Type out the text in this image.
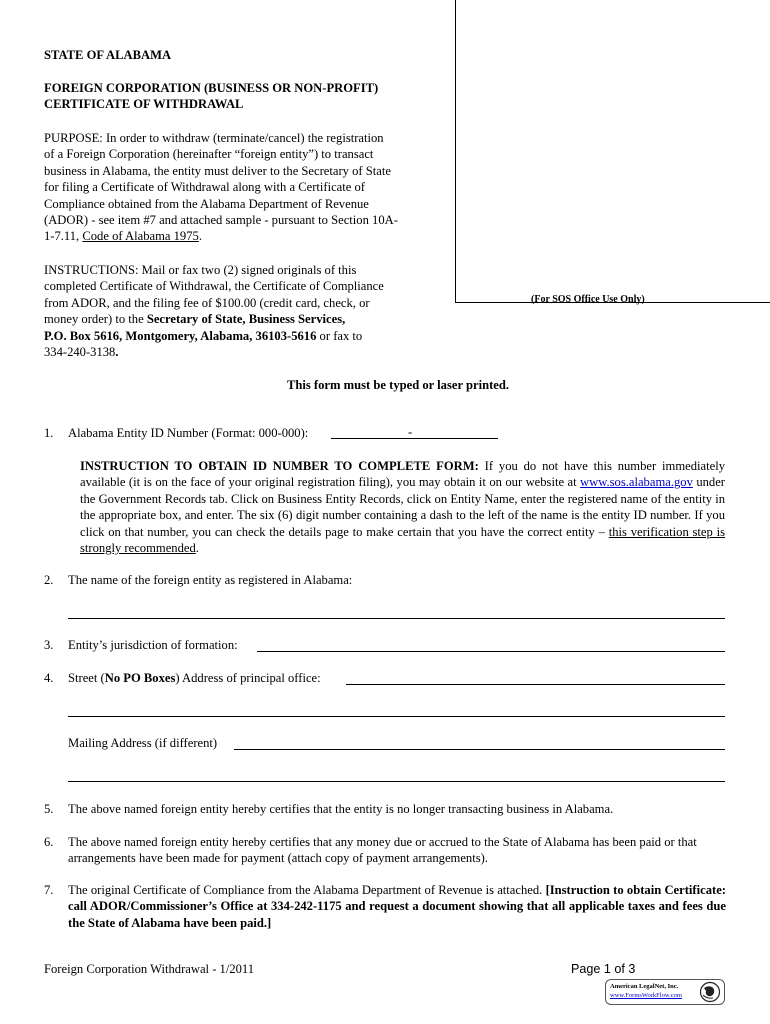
(For SOS Office Use Only)
STATE OF ALABAMA
FOREIGN CORPORATION (BUSINESS OR NON-PROFIT)
CERTIFICATE OF WITHDRAWAL
PURPOSE: In order to withdraw (terminate/cancel) the registration
of a Foreign Corporation (hereinafter “foreign entity”) to transact
business in Alabama, the entity must deliver to the Secretary of State
for filing a Certificate of Withdrawal along with a Certificate of
Compliance obtained from the Alabama Department of Revenue
(ADOR) - see item #7 and attached sample - pursuant to Section 10A-
1-7.11, Code of Alabama 1975.
INSTRUCTIONS: Mail or fax two (2) signed originals of this
completed Certificate of Withdrawal, the Certificate of Compliance
from ADOR, and the filing fee of $100.00 (credit card, check, or
money order) to the Secretary of State, Business Services,
P.O. Box 5616, Montgomery, Alabama, 36103-5616 or fax to
334-240-3138.
This form must be typed or laser printed.
1. Alabama Entity ID Number (Format: 000-000):	-
INSTRUCTION TO OBTAIN ID NUMBER TO COMPLETE FORM: If you do not have this number immediately available (it is on the face of your original registration filing), you may obtain it on our website at www.sos.alabama.gov under the Government Records tab. Click on Business Entity Records, click on Entity Name, enter the registered name of the entity in the appropriate box, and enter. The six (6) digit number containing a dash to the left of the name is the entity ID number. If you click on that number, you can check the details page to make certain that you have the correct entity – this verification step is strongly recommended.
2. The name of the foreign entity as registered in Alabama:
3. Entity’s jurisdiction of formation:
4. Street (No PO Boxes) Address of principal office:
Mailing Address (if different)
5. The above named foreign entity hereby certifies that the entity is no longer transacting business in Alabama.
6. The above named foreign entity hereby certifies that any money due or accrued to the State of Alabama has been paid or that arrangements have been made for payment (attach copy of payment arrangements).
7. The original Certificate of Compliance from the Alabama Department of Revenue is attached. [Instruction to obtain Certificate: call ADOR/Commissioner’s Office at 334-242-1175 and request a document showing that all applicable taxes and fees due the State of Alabama have been paid.]
Foreign Corporation Withdrawal - 1/2011	Page 1 of 3
American LegalNet, Inc.
www.FormsWorkFlow.com
